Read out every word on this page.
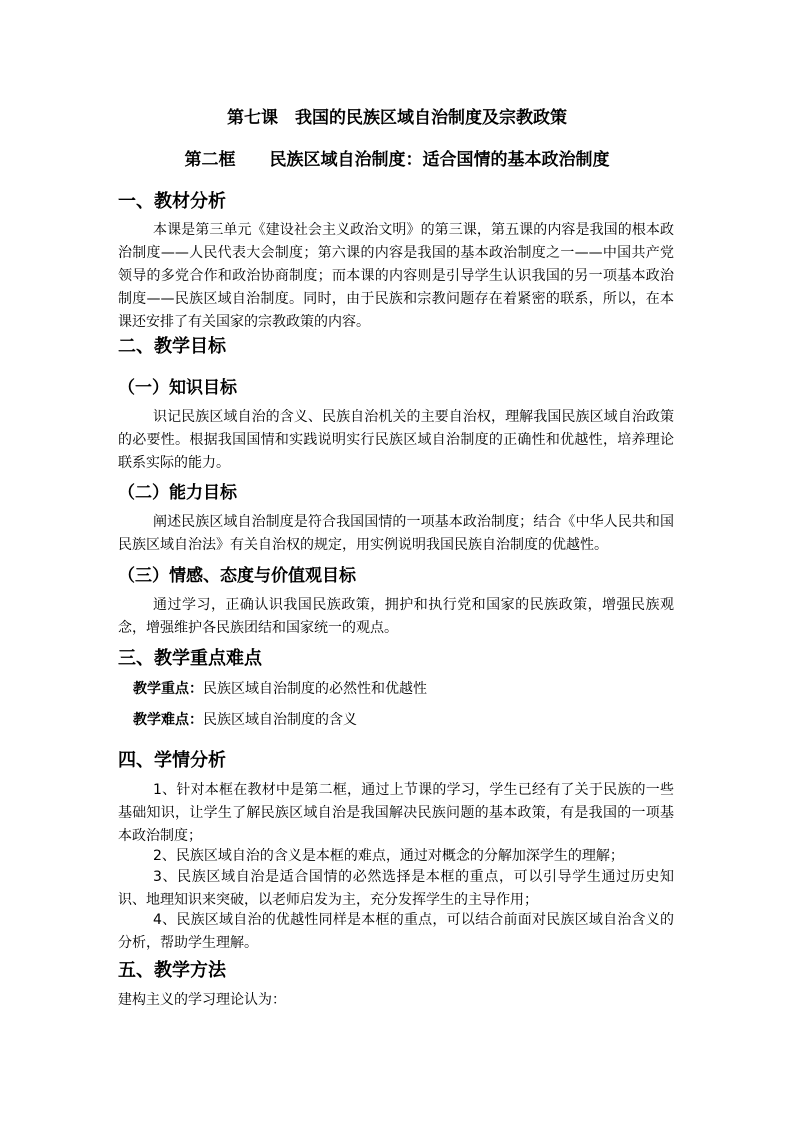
第七课　我国的民族区域自治制度及宗教政策
第二框　　民族区域自治制度：适合国情的基本政治制度
一、教材分析
本课是第三单元《建设社会主义政治文明》的第三课，第五课的内容是我国的根本政治制度——人民代表大会制度；第六课的内容是我国的基本政治制度之一——中国共产党领导的多党合作和政治协商制度；而本课的内容则是引导学生认识我国的另一项基本政治制度——民族区域自治制度。同时，由于民族和宗教问题存在着紧密的联系，所以，在本课还安排了有关国家的宗教政策的内容。
二、教学目标
（一）知识目标
识记民族区域自治的含义、民族自治机关的主要自治权，理解我国民族区域自治政策的必要性。根据我国国情和实践说明实行民族区域自治制度的正确性和优越性，培养理论联系实际的能力。
（二）能力目标
阐述民族区域自治制度是符合我国国情的一项基本政治制度；结合《中华人民共和国民族区域自治法》有关自治权的规定，用实例说明我国民族自治制度的优越性。
（三）情感、态度与价值观目标
通过学习，正确认识我国民族政策，拥护和执行党和国家的民族政策，增强民族观念，增强维护各民族团结和国家统一的观点。
三、教学重点难点
教学重点：民族区域自治制度的必然性和优越性
教学难点：民族区域自治制度的含义
四、学情分析
1、针对本框在教材中是第二框，通过上节课的学习，学生已经有了关于民族的一些基础知识，让学生了解民族区域自治是我国解决民族问题的基本政策，有是我国的一项基本政治制度；
2、民族区域自治的含义是本框的难点，通过对概念的分解加深学生的理解；
3、民族区域自治是适合国情的必然选择是本框的重点，可以引导学生通过历史知识、地理知识来突破，以老师启发为主，充分发挥学生的主导作用；
4、民族区域自治的优越性同样是本框的重点，可以结合前面对民族区域自治含义的分析，帮助学生理解。
五、教学方法
建构主义的学习理论认为：
